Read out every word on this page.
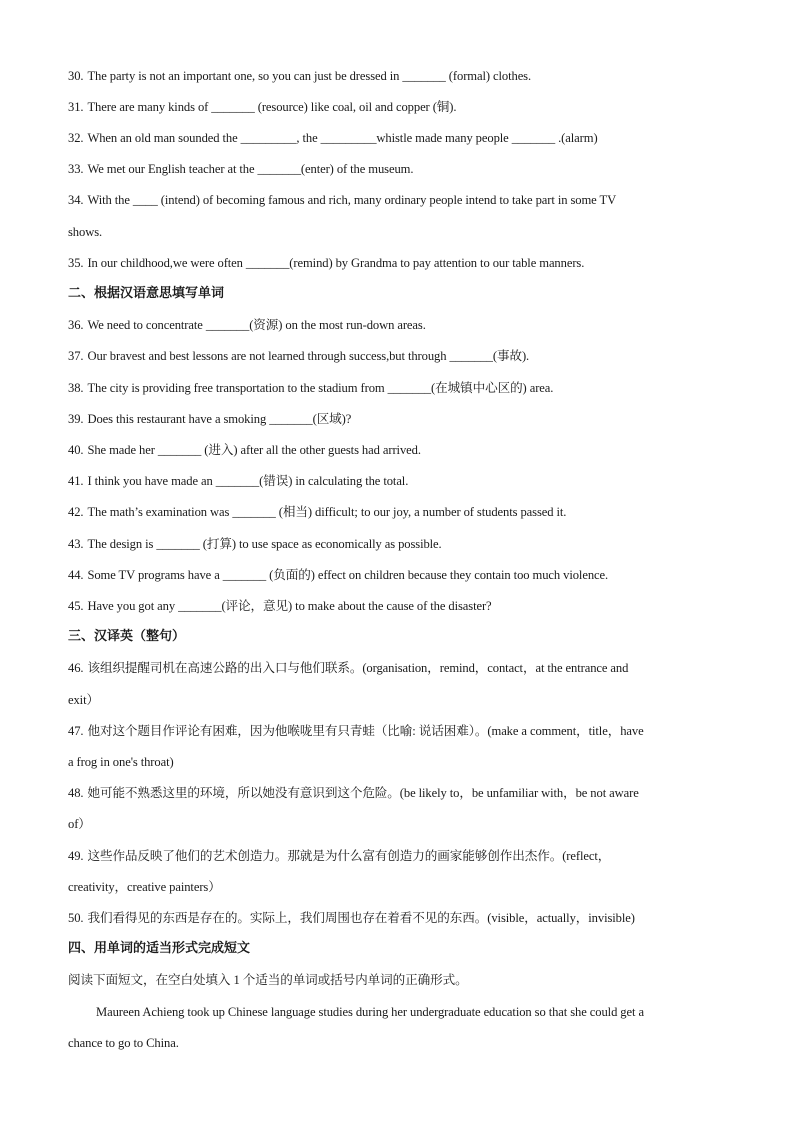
30. The party is not an important one, so you can just be dressed in _______ (formal) clothes.
31. There are many kinds of _______ (resource) like coal, oil and copper (铜).
32. When an old man sounded the _________, the _________whistle made many people _______ .(alarm)
33. We met our English teacher at the _______(enter) of the museum.
34. With the ____ (intend) of becoming famous and rich, many ordinary people intend to take part in some TV
shows.
35. In our childhood,we were often _______(remind) by Grandma to pay attention to our table manners.
二、根据汉语意思填写单词
36. We need to concentrate _______(资源) on the most run-down areas.
37. Our bravest and best lessons are not learned through success,but through _______(事故).
38. The city is providing free transportation to the stadium from _______(在城镇中心区的) area.
39. Does this restaurant have a smoking _______(区域)?
40. She made her _______ (进入) after all the other guests had arrived.
41. I think you have made an _______(错误) in calculating the total.
42. The math’s examination was _______ (相当) difficult; to our joy, a number of students passed it.
43. The design is _______ (打算) to use space as economically as possible.
44. Some TV programs have a _______ (负面的) effect on children because they contain too much violence.
45. Have you got any _______(评论，意见) to make about the cause of the disaster?
三、汉译英（整句）
46. 该组织提醒司机在高速公路的出入口与他们联系。(organisation，remind，contact，at the entrance and
exit）
47. 他对这个题目作评论有困难，因为他喉咙里有只青蛙（比喻: 说话困难）。(make a comment，title，have
a frog in one's throat)
48. 她可能不熟悉这里的环境，所以她没有意识到这个危险。(be likely to，be unfamiliar with，be not aware
of）
49. 这些作品反映了他们的艺术创造力。那就是为什么富有创造力的画家能够创作出杰作。(reflect，
creativity，creative painters）
50. 我们看得见的东西是存在的。实际上，我们周围也存在着看不见的东西。(visible，actually，invisible)
四、用单词的适当形式完成短文
阅读下面短文，在空白处填入 1 个适当的单词或括号内单词的正确形式。
Maureen Achieng took up Chinese language studies during her undergraduate education so that she could get a
chance to go to China.
